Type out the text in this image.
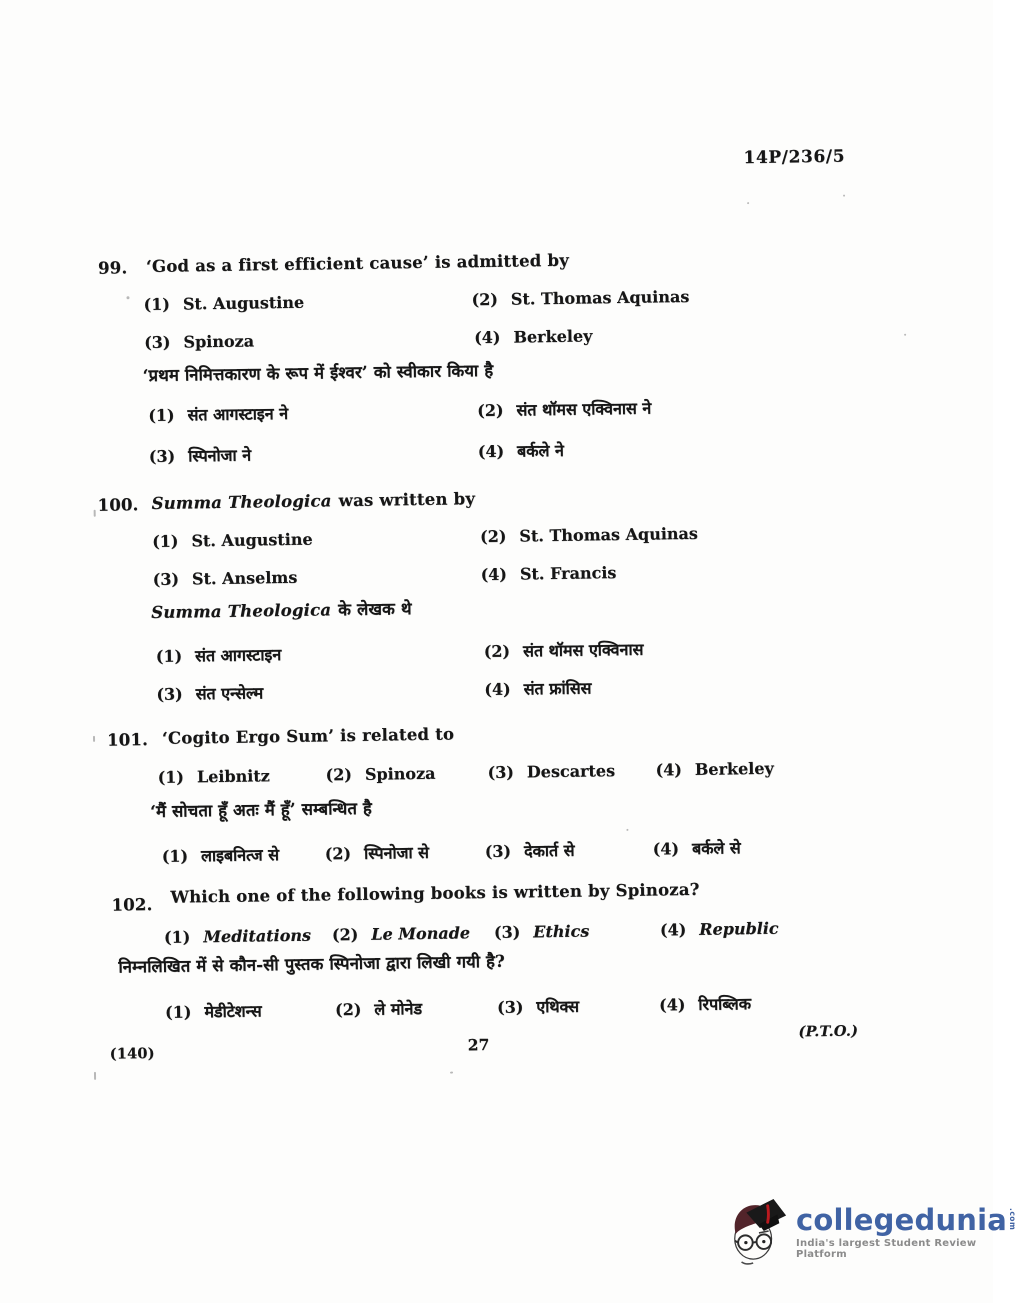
14P/236/5
99. ‘God as a first efficient cause’ is admitted by
(1) St. Augustine	(2) St. Thomas Aquinas
(3) Spinoza	(4) Berkeley
‘प्रथम निमित्तकारण के रूप में ईश्वर’ को स्वीकार किया है
(1) संत आगस्टाइन ने	(2) संत थॉमस एक्विनास ने
(3) स्पिनोजा ने	(4) बर्कले ने
100. Summa Theologica was written by
(1) St. Augustine	(2) St. Thomas Aquinas
(3) St. Anselms	(4) St. Francis
Summa Theologica के लेखक थे
(1) संत आगस्टाइन	(2) संत थॉमस एक्विनास
(3) संत एन्सेल्म	(4) संत फ्रांसिस
101. ‘Cogito Ergo Sum’ is related to
(1) Leibnitz	(2) Spinoza	(3) Descartes	(4) Berkeley
‘मैं सोचता हूँ अतः मैं हूँ’ सम्बन्धित है
(1) लाइबनित्ज से	(2) स्पिनोजा से	(3) देकार्त से	(4) बर्कले से
102. Which one of the following books is written by Spinoza?
(1) Meditations (2) Le Monade (3) Ethics	(4) Republic
निम्नलिखित में से कौन-सी पुस्तक स्पिनोजा द्वारा लिखी गयी है?
(1) मेडीटेशन्स	(2) ले मोनेड	(3) एथिक्स	(4) रिपब्लिक
(P.T.O.)
27
(140)
collegedunia .com
India's largest Student Review Platform
